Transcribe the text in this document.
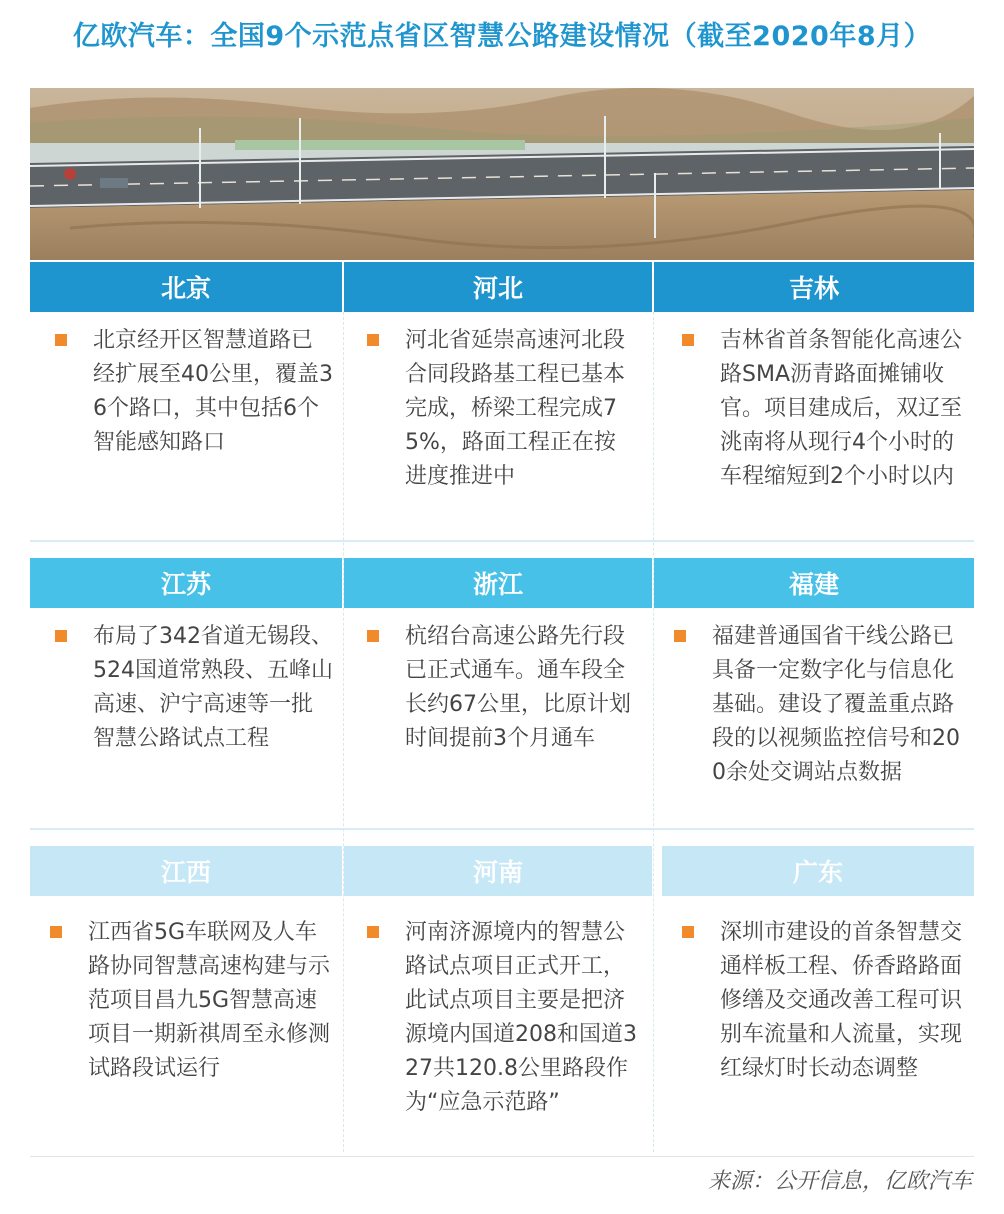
亿欧汽车：全国9个示范点省区智慧公路建设情况（截至2020年8月）
北京	河北	吉林
北京经开区智慧道路已经扩展至40公里，覆盖36个路口，其中包括6个智能感知路口
河北省延崇高速河北段合同段路基工程已基本完成，桥梁工程完成75%，路面工程正在按进度推进中
吉林省首条智能化高速公路SMA沥青路面摊铺收官。项目建成后，双辽至洮南将从现行4个小时的车程缩短到2个小时以内
江苏	浙江	福建
布局了342省道无锡段、524国道常熟段、五峰山高速、沪宁高速等一批智慧公路试点工程
杭绍台高速公路先行段已正式通车。通车段全长约67公里，比原计划时间提前3个月通车
福建普通国省干线公路已具备一定数字化与信息化基础。建设了覆盖重点路段的以视频监控信号和200余处交调站点数据
江西	河南	广东
江西省5G车联网及人车路协同智慧高速构建与示范项目昌九5G智慧高速项目一期新祺周至永修测试路段试运行
河南济源境内的智慧公路试点项目正式开工，此试点项目主要是把济源境内国道208和国道327共120.8公里路段作为“应急示范路”
深圳市建设的首条智慧交通样板工程、侨香路路面修缮及交通改善工程可识别车流量和人流量，实现红绿灯时长动态调整
来源：公开信息，亿欧汽车
